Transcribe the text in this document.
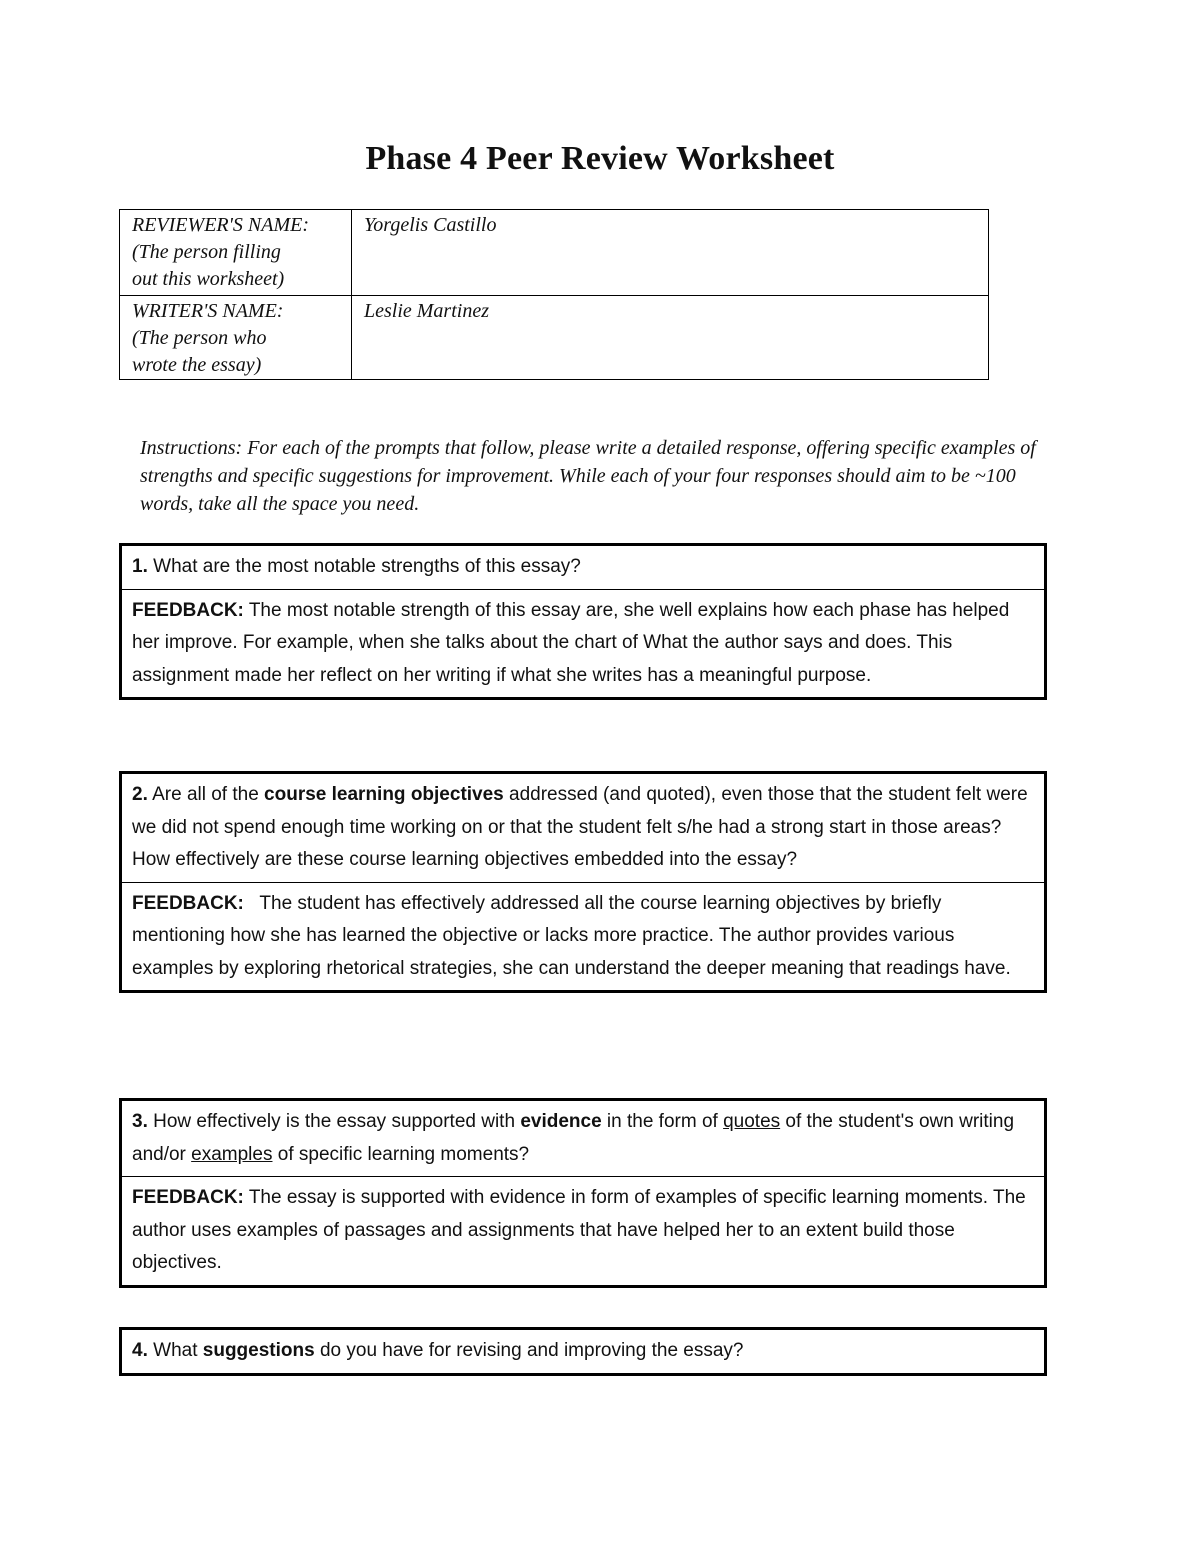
Phase 4 Peer Review Worksheet
REVIEWER'S NAME:
(The person filling
out this worksheet)	Yorgelis Castillo
WRITER'S NAME:
(The person who
wrote the essay)	Leslie Martinez

Instructions: For each of the prompts that follow, please write a detailed response, offering specific examples of strengths and specific suggestions for improvement. While each of your four responses should aim to be ~100 words, take all the space you need.

1. What are the most notable strengths of this essay?
FEEDBACK: The most notable strength of this essay are, she well explains how each phase has helped her improve. For example, when she talks about the chart of What the author says and does. This assignment made her reflect on her writing if what she writes has a meaningful purpose.
2. Are all of the course learning objectives addressed (and quoted), even those that the student felt were we did not spend enough time working on or that the student felt s/he had a strong start in those areas? How effectively are these course learning objectives embedded into the essay?
FEEDBACK: The student has effectively addressed all the course learning objectives by briefly mentioning how she has learned the objective or lacks more practice. The author provides various examples by exploring rhetorical strategies, she can understand the deeper meaning that readings have.
3. How effectively is the essay supported with evidence in the form of quotes of the student's own writing and/or examples of specific learning moments?
FEEDBACK: The essay is supported with evidence in form of examples of specific learning moments. The author uses examples of passages and assignments that have helped her to an extent build those objectives.
4. What suggestions do you have for revising and improving the essay?
